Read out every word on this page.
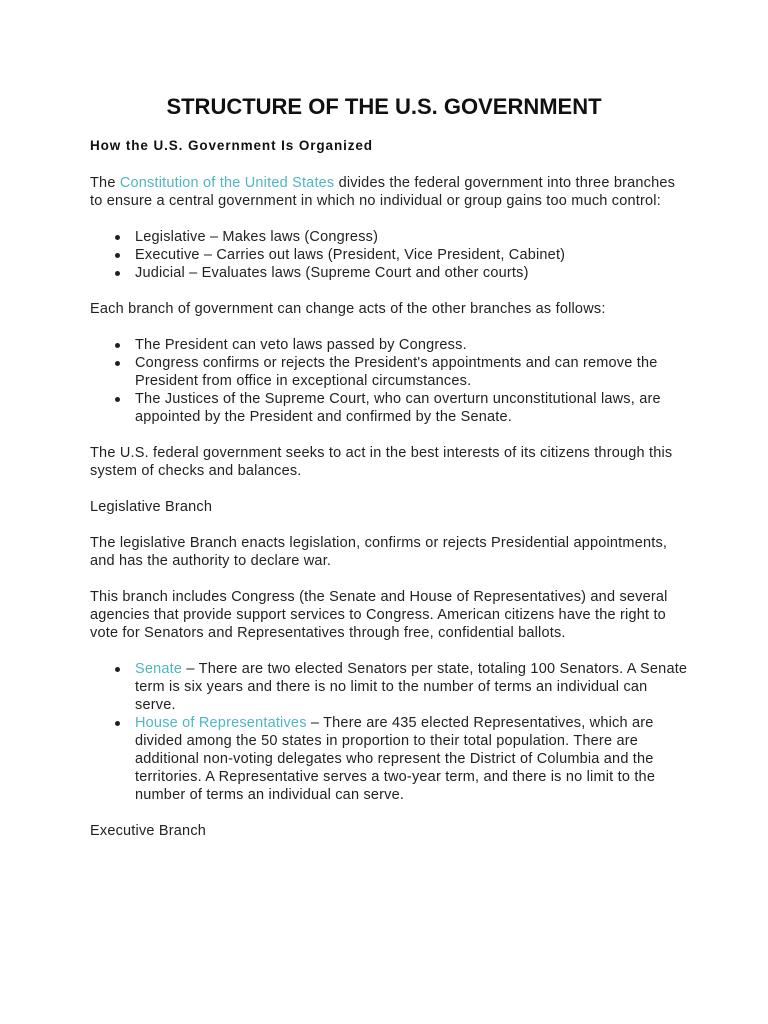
STRUCTURE OF THE U.S. GOVERNMENT
How the U.S. Government Is Organized

The Constitution of the United States divides the federal government into three branches to ensure a central government in which no individual or group gains too much control:

Legislative – Makes laws (Congress)
Executive – Carries out laws (President, Vice President, Cabinet)
Judicial – Evaluates laws (Supreme Court and other courts)

Each branch of government can change acts of the other branches as follows:

The President can veto laws passed by Congress.
Congress confirms or rejects the President's appointments and can remove the President from office in exceptional circumstances.
The Justices of the Supreme Court, who can overturn unconstitutional laws, are appointed by the President and confirmed by the Senate.

The U.S. federal government seeks to act in the best interests of its citizens through this system of checks and balances.

Legislative Branch

The legislative Branch enacts legislation, confirms or rejects Presidential appointments, and has the authority to declare war.

This branch includes Congress (the Senate and House of Representatives) and several agencies that provide support services to Congress. American citizens have the right to vote for Senators and Representatives through free, confidential ballots.

Senate – There are two elected Senators per state, totaling 100 Senators. A Senate term is six years and there is no limit to the number of terms an individual can serve.
House of Representatives – There are 435 elected Representatives, which are divided among the 50 states in proportion to their total population. There are additional non-voting delegates who represent the District of Columbia and the territories. A Representative serves a two-year term, and there is no limit to the number of terms an individual can serve.

Executive Branch
